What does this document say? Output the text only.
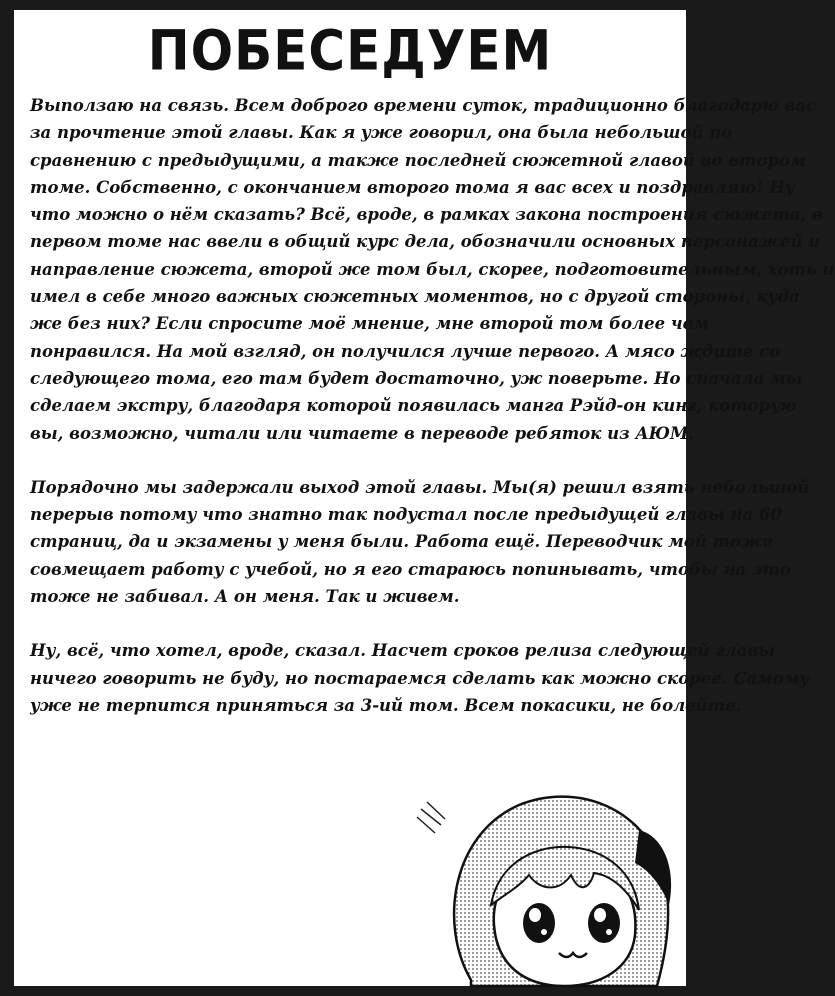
ПОБЕСЕДУЕМ

Выползаю на связь. Всем доброго времени суток, традиционно благодарю вас
за прочтение этой главы. Как я уже говорил, она была небольшой по
сравнению с предыдущими, а также последней сюжетной главой во втором
томе. Собственно, с окончанием второго тома я вас всех и поздравляю! Ну
что можно о нём сказать? Всё, вроде, в рамках закона построения сюжета, в
первом томе нас ввели в общий курс дела, обозначили основных персонажей и
направление сюжета, второй же том был, скорее, подготовительным, хоть и
имел в себе много важных сюжетных моментов, но с другой стороны, куда
же без них? Если спросите моё мнение, мне второй том более чем
понравился. На мой взгляд, он получился лучше первого. А мясо ждите со
следующего тома, его там будет достаточно, уж поверьте. Но сначала мы
сделаем экстру, благодаря которой появилась манга Рэйд-он кинг, которую
вы, возможно, читали или читаете в переводе ребяток из АЮМ.

Порядочно мы задержали выход этой главы. Мы(я) решил взять небольшой
перерыв потому что знатно так подустал после предыдущей главы на 60
страниц, да и экзамены у меня были. Работа ещё. Переводчик мой тоже
совмещает работу с учебой, но я его стараюсь попинывать, чтобы на это
тоже не забивал. А он меня. Так и живем.

Ну, всё, что хотел, вроде, сказал. Насчет сроков релиза следующей главы
ничего говорить не буду, но постараемся сделать как можно скорее. Самому
уже не терпится приняться за 3-ий том. Всем покасики, не болейте.
